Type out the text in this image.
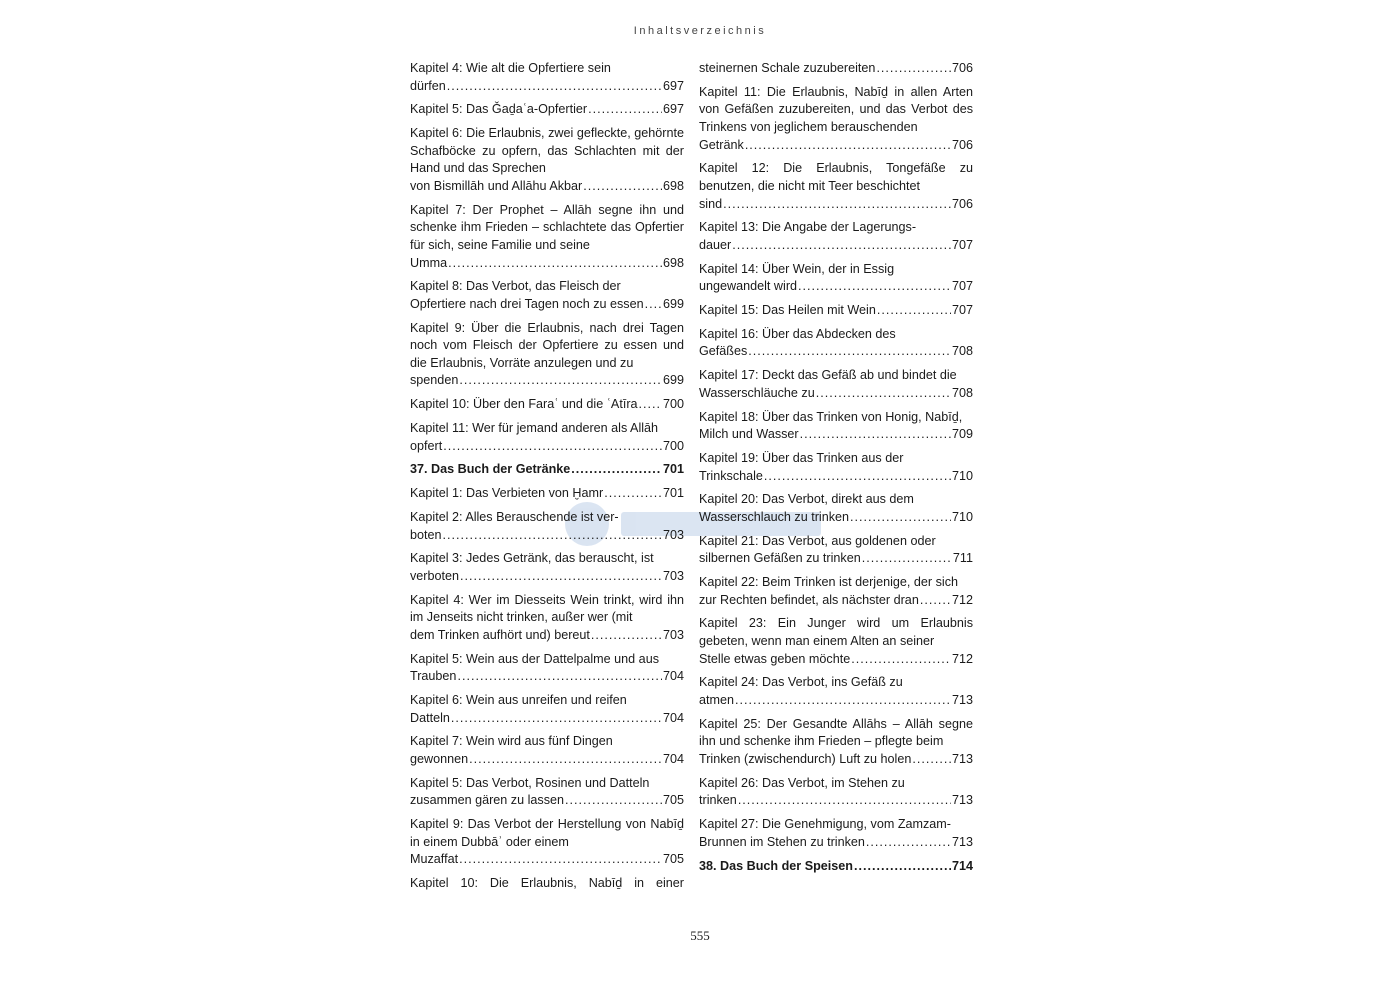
Inhaltsverzeichnis
Kapitel 4: Wie alt die Opfertiere sein
dürfen .....	697
Kapitel 5: Das Ǧaḏaʿa-Opfertier .....	697
Kapitel 6: Die Erlaubnis, zwei gefleckte, gehörnte Schafböcke zu opfern, das Schlachten mit der Hand und das Sprechen
von Bismillāh und Allāhu Akbar .....	698
Kapitel 7: Der Prophet – Allāh segne ihn und schenke ihm Frieden – schlachtete das Opfertier für sich, seine Familie und seine
Umma .....	698
Kapitel 8: Das Verbot, das Fleisch der
Opfertiere nach drei Tagen noch zu essen ..... 699
Kapitel 9: Über die Erlaubnis, nach drei Tagen noch vom Fleisch der Opfertiere zu essen und die Erlaubnis, Vorräte anzulegen und zu
spenden .....	699
Kapitel 10: Über den Faraʿ und die ʿAtīra ..... 700
Kapitel 11: Wer für jemand anderen als Allāh
opfert .....	700
37. Das Buch der Getränke .....	701
Kapitel 1: Das Verbieten von Ḫamr .....	701
Kapitel 2: Alles Berauschende ist ver-
boten .....	703
Kapitel 3: Jedes Getränk, das berauscht, ist
verboten .....	703
Kapitel 4: Wer im Diesseits Wein trinkt, wird ihn im Jenseits nicht trinken, außer wer (mit
dem Trinken aufhört und) bereut .....	703
Kapitel 5: Wein aus der Dattelpalme und aus
Trauben .....	704
Kapitel 6: Wein aus unreifen und reifen
Datteln .....	704
Kapitel 7: Wein wird aus fünf Dingen
gewonnen .....	704
Kapitel 5: Das Verbot, Rosinen und Datteln
zusammen gären zu lassen .....	705
Kapitel 9: Das Verbot der Herstellung von Nabīḏ in einem Dubbāʾ oder einem
Muzaffat .....	705
Kapitel 10: Die Erlaubnis, Nabīḏ in einer
steinernen Schale zuzubereiten .....	706
Kapitel 11: Die Erlaubnis, Nabīḏ in allen Arten von Gefäßen zuzubereiten, und das Verbot des Trinkens von jeglichem berauschenden
Getränk .....	706
Kapitel 12: Die Erlaubnis, Tongefäße zu benutzen, die nicht mit Teer beschichtet
sind .....	706
Kapitel 13: Die Angabe der Lagerungs-
dauer .....	707
Kapitel 14: Über Wein, der in Essig
ungewandelt wird .....	707
Kapitel 15: Das Heilen mit Wein .....	707
Kapitel 16: Über das Abdecken des
Gefäßes .....	708
Kapitel 17: Deckt das Gefäß ab und bindet die
Wasserschläuche zu .....	708
Kapitel 18: Über das Trinken von Honig, Nabīḏ,
Milch und Wasser .....	709
Kapitel 19: Über das Trinken aus der
Trinkschale .....	710
Kapitel 20: Das Verbot, direkt aus dem
Wasserschlauch zu trinken .....	710
Kapitel 21: Das Verbot, aus goldenen oder
silbernen Gefäßen zu trinken .....	711
Kapitel 22: Beim Trinken ist derjenige, der sich
zur Rechten befindet, als nächster dran .....	712
Kapitel 23: Ein Junger wird um Erlaubnis gebeten, wenn man einem Alten an seiner
Stelle etwas geben möchte .....	712
Kapitel 24: Das Verbot, ins Gefäß zu
atmen .....	713
Kapitel 25: Der Gesandte Allāhs – Allāh segne ihn und schenke ihm Frieden – pflegte beim
Trinken (zwischendurch) Luft zu holen .....	713
Kapitel 26: Das Verbot, im Stehen zu
trinken .....	713
Kapitel 27: Die Genehmigung, vom Zamzam-
Brunnen im Stehen zu trinken .....	713
38. Das Buch der Speisen .....	714
555
